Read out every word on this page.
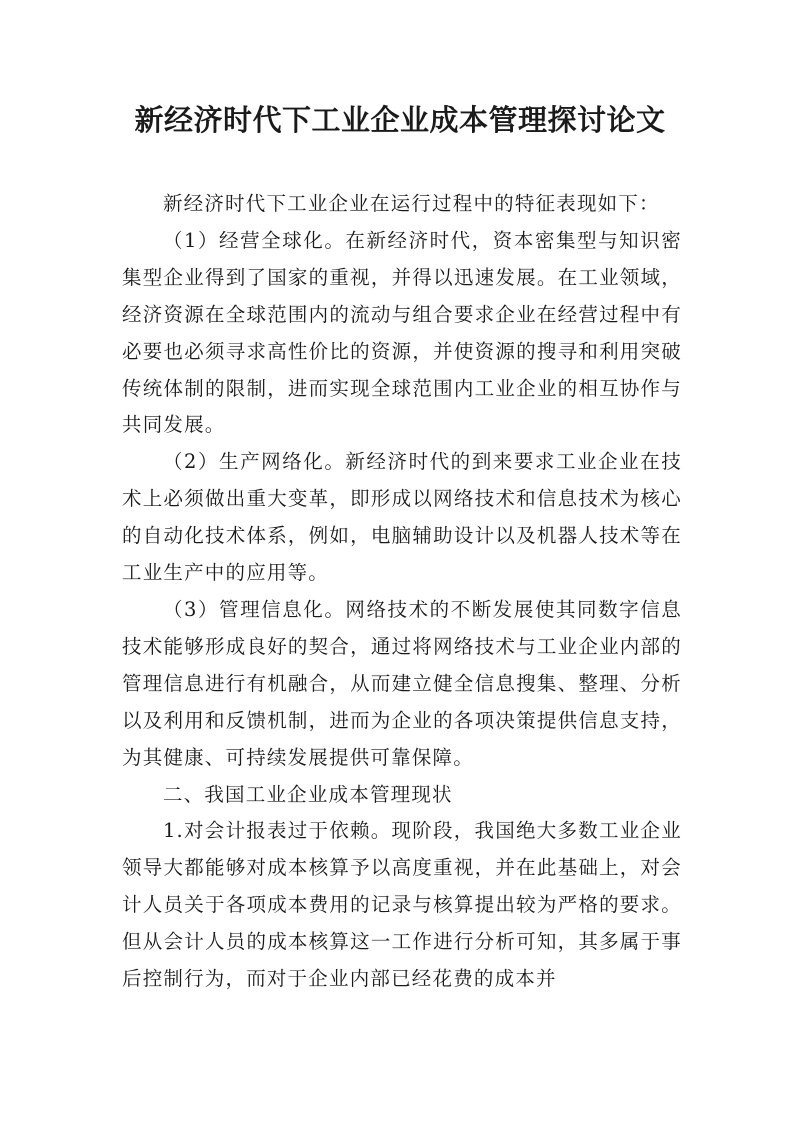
新经济时代下工业企业成本管理探讨论文

新经济时代下工业企业在运行过程中的特征表现如下：

（1）经营全球化。在新经济时代，资本密集型与知识密集型企业得到了国家的重视，并得以迅速发展。在工业领域，经济资源在全球范围内的流动与组合要求企业在经营过程中有必要也必须寻求高性价比的资源，并使资源的搜寻和利用突破传统体制的限制，进而实现全球范围内工业企业的相互协作与共同发展。

（2）生产网络化。新经济时代的到来要求工业企业在技术上必须做出重大变革，即形成以网络技术和信息技术为核心的自动化技术体系，例如，电脑辅助设计以及机器人技术等在工业生产中的应用等。

（3）管理信息化。网络技术的不断发展使其同数字信息技术能够形成良好的契合，通过将网络技术与工业企业内部的管理信息进行有机融合，从而建立健全信息搜集、整理、分析以及利用和反馈机制，进而为企业的各项决策提供信息支持，为其健康、可持续发展提供可靠保障。

二、我国工业企业成本管理现状

1.对会计报表过于依赖。现阶段，我国绝大多数工业企业领导大都能够对成本核算予以高度重视，并在此基础上，对会计人员关于各项成本费用的记录与核算提出较为严格的要求。但从会计人员的成本核算这一工作进行分析可知，其多属于事后控制行为，而对于企业内部已经花费的成本并
